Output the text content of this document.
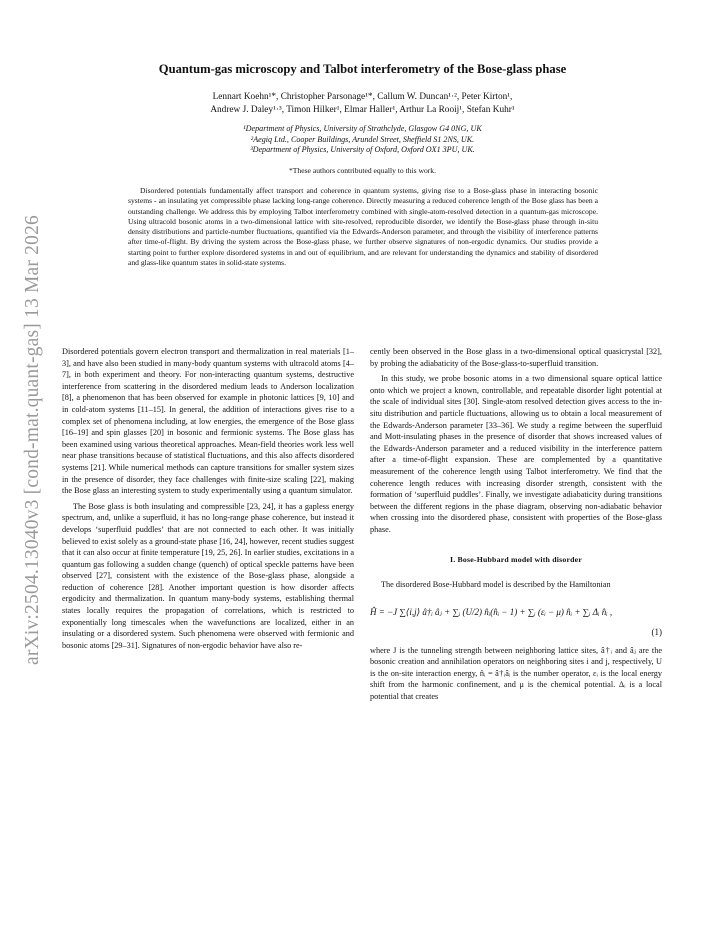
arXiv:2504.13040v3 [cond-mat.quant-gas] 13 Mar 2026
Quantum-gas microscopy and Talbot interferometry of the Bose-glass phase
Lennart Koehn¹*, Christopher Parsonage¹*, Callum W. Duncan¹·², Peter Kirton¹,
Andrew J. Daley¹·³, Timon Hilker¹, Elmar Haller¹, Arthur La Rooij¹, Stefan Kuhr¹
¹Department of Physics, University of Strathclyde, Glasgow G4 0NG, UK
²Aegiq Ltd., Cooper Buildings, Arundel Street, Sheffield S1 2NS, UK.
³Department of Physics, University of Oxford, Oxford OX1 3PU, UK.
*These authors contributed equally to this work.

Disordered potentials fundamentally affect transport and coherence in quantum systems, giving rise to a Bose-glass phase in interacting bosonic systems - an insulating yet compressible phase lacking long-range coherence. Directly measuring a reduced coherence length of the Bose glass has been a outstanding challenge. We address this by employing Talbot interferometry combined with single-atom-resolved detection in a quantum-gas microscope. Using ultracold bosonic atoms in a two-dimensional lattice with site-resolved, reproducible disorder, we identify the Bose-glass phase through in-situ density distributions and particle-number fluctuations, quantified via the Edwards-Anderson parameter, and through the visibility of interference patterns after time-of-flight. By driving the system across the Bose-glass phase, we further observe signatures of non-ergodic dynamics. Our studies provide a starting point to further explore disordered systems in and out of equilibrium, and are relevant for understanding the dynamics and stability of disordered and glass-like quantum states in solid-state systems.

Disordered potentials govern electron transport and thermalization in real materials [1–3], and have also been studied in many-body quantum systems with ultracold atoms [4–7], in both experiment and theory. For non-interacting quantum systems, destructive interference from scattering in the disordered medium leads to Anderson localization [8], a phenomenon that has been observed for example in photonic lattices [9, 10] and in cold-atom systems [11–15]. In general, the addition of interactions gives rise to a complex set of phenomena including, at low energies, the emergence of the Bose glass [16–19] and spin glasses [20] in bosonic and fermionic systems. The Bose glass has been examined using various theoretical approaches. Mean-field theories work less well near phase transitions because of statistical fluctuations, and this also affects disordered systems [21]. While numerical methods can capture transitions for smaller system sizes in the presence of disorder, they face challenges with finite-size scaling [22], making the Bose glass an interesting system to study experimentally using a quantum simulator.

The Bose glass is both insulating and compressible [23, 24], it has a gapless energy spectrum, and, unlike a superfluid, it has no long-range phase coherence, but instead it develops ‘superfluid puddles’ that are not connected to each other. It was initially believed to exist solely as a ground-state phase [16, 24], however, recent studies suggest that it can also occur at finite temperature [19, 25, 26]. In earlier studies, excitations in a quantum gas following a sudden change (quench) of optical speckle patterns have been observed [27], consistent with the existence of the Bose-glass phase, alongside a reduction of coherence [28]. Another important question is how disorder affects ergodicity and thermalization. In quantum many-body systems, establishing thermal states locally requires the propagation of correlations, which is restricted to exponentially long timescales when the wavefunctions are localized, either in an insulating or a disordered system. Such phenomena were observed with fermionic and bosonic atoms [29–31]. Signatures of non-ergodic behavior have also re-

cently been observed in the Bose glass in a two-dimensional optical quasicrystal [32], by probing the adiabaticity of the Bose-glass-to-superfluid transition.

In this study, we probe bosonic atoms in a two dimensional square optical lattice onto which we project a known, controllable, and repeatable disorder light potential at the scale of individual sites [30]. Single-atom resolved detection gives access to the in-situ distribution and particle fluctuations, allowing us to obtain a local measurement of the Edwards-Anderson parameter [33–36]. We study a regime between the superfluid and Mott-insulating phases in the presence of disorder that shows increased values of the Edwards-Anderson parameter and a reduced visibility in the interference pattern after a time-of-flight expansion. These are complemented by a quantitative measurement of the coherence length using Talbot interferometry. We find that the coherence length reduces with increasing disorder strength, consistent with the formation of ‘superfluid puddles’. Finally, we investigate adiabaticity during transitions between the different regions in the phase diagram, observing non-adiabatic behavior when crossing into the disordered phase, consistent with properties of the Bose-glass phase.

I. Bose-Hubbard model with disorder

The disordered Bose-Hubbard model is described by the Hamiltonian

Ĥ = −J ∑⟨i,j⟩ â†ᵢ âⱼ + ∑ᵢ (U/2) n̂ᵢ(n̂ᵢ − 1) + ∑ᵢ (εᵢ − μ) n̂ᵢ + ∑ᵢ Δᵢ n̂ᵢ ,
(1)

where J is the tunneling strength between neighboring lattice sites, â†ᵢ and âⱼ are the bosonic creation and annihilation operators on neighboring sites i and j, respectively, U is the on-site interaction energy, n̂ᵢ = â†ᵢâᵢ is the number operator, εᵢ is the local energy shift from the harmonic confinement, and μ is the chemical potential. Δᵢ is a local potential that creates
